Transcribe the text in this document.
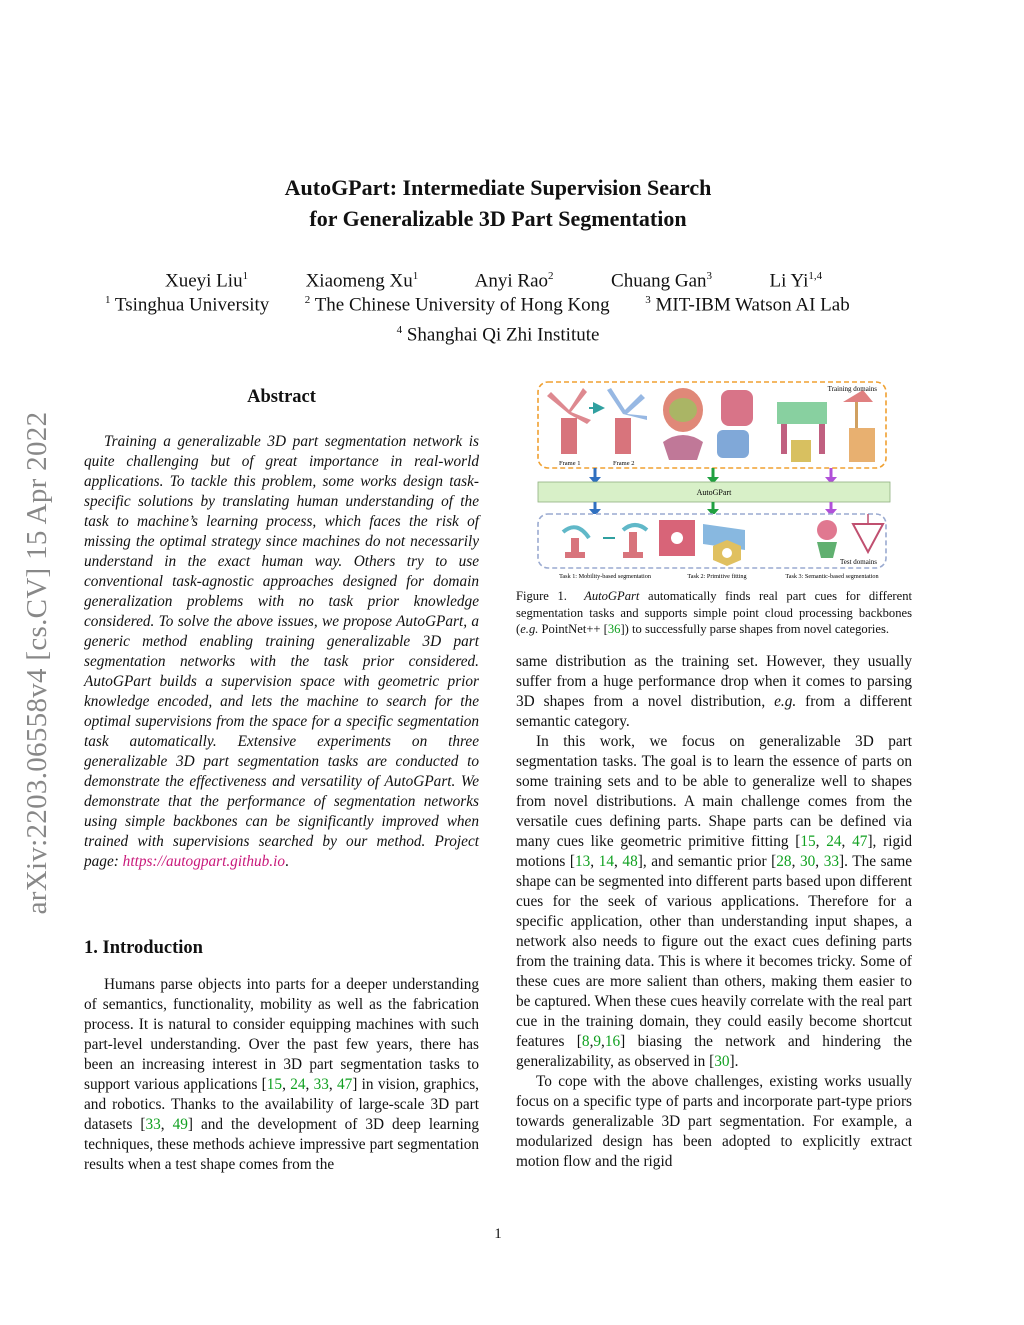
arXiv:2203.06558v4 [cs.CV] 15 Apr 2022
AutoGPart: Intermediate Supervision Search
for Generalizable 3D Part Segmentation
Xueyi Liu$^1$	Xiaomeng Xu$^1$	Anyi Rao$^2$	Chuang Gan$^3$	Li Yi$^{1,4}$
$^1$ Tsinghua University	$^2$ The Chinese University of Hong Kong	$^3$ MIT-IBM Watson AI Lab
$^4$ Shanghai Qi Zhi Institute
Abstract

Training a generalizable 3D part segmentation network is quite challenging but of great importance in real-world applications. To tackle this problem, some works design task-specific solutions by translating human understanding of the task to machine’s learning process, which faces the risk of missing the optimal strategy since machines do not necessarily understand in the exact human way. Others try to use conventional task-agnostic approaches designed for domain generalization problems with no task prior knowledge considered. To solve the above issues, we propose AutoGPart, a generic method enabling training generalizable 3D part segmentation networks with the task prior considered. AutoGPart builds a supervision space with geometric prior knowledge encoded, and lets the machine to search for the optimal supervisions from the space for a specific segmentation task automatically. Extensive experiments on three generalizable 3D part segmentation tasks are conducted to demonstrate the effectiveness and versatility of AutoGPart. We demonstrate that the performance of segmentation networks using simple backbones can be significantly improved when trained with supervisions searched by our method. Project page: https://autogpart.github.io.

1. Introduction

Humans parse objects into parts for a deeper understanding of semantics, functionality, mobility as well as the fabrication process. It is natural to consider equipping machines with such part-level understanding. Over the past few years, there has been an increasing interest in 3D part segmentation tasks to support various applications [15, 24, 33, 47] in vision, graphics, and robotics. Thanks to the availability of large-scale 3D part datasets [33, 49] and the development of 3D deep learning techniques, these methods achieve impressive part segmentation results when a test shape comes from the

Training domains
Frame 1	Frame 2
AutoGPart
Test domains
Task 1: Mobility-based segmentation	Task 2: Primitive fitting	Task 3: Semantic-based segmentation
Figure 1. AutoGPart automatically finds real part cues for different segmentation tasks and supports simple point cloud processing backbones (e.g. PointNet++ [36]) to successfully parse shapes from novel categories.

same distribution as the training set. However, they usually suffer from a huge performance drop when it comes to parsing 3D shapes from a novel distribution, e.g. from a different semantic category.

In this work, we focus on generalizable 3D part segmentation tasks. The goal is to learn the essence of parts on some training sets and to be able to generalize well to shapes from novel distributions. A main challenge comes from the versatile cues defining parts. Shape parts can be defined via many cues like geometric primitive fitting [15, 24, 47], rigid motions [13, 14, 48], and semantic prior [28, 30, 33]. The same shape can be segmented into different parts based upon different cues for the seek of various applications. Therefore for a specific application, other than understanding input shapes, a network also needs to figure out the exact cues defining parts from the training data. This is where it becomes tricky. Some of these cues are more salient than others, making them easier to be captured. When these cues heavily correlate with the real part cue in the training domain, they could easily become shortcut features [8,9,16] biasing the network and hindering the generalizability, as observed in [30].

To cope with the above challenges, existing works usually focus on a specific type of parts and incorporate part-type priors towards generalizable 3D part segmentation. For example, a modularized design has been adopted to explicitly extract motion flow and the rigid

1
